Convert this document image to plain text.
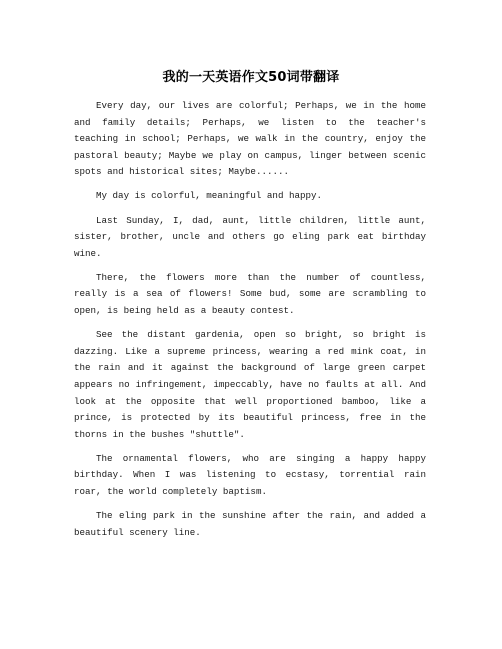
我的一天英语作文50词带翻译

Every day, our lives are colorful; Perhaps, we in the home and family details; Perhaps, we listen to the teacher's teaching in school; Perhaps, we walk in the country, enjoy the pastoral beauty; Maybe we play on campus, linger between scenic spots and historical sites; Maybe......

My day is colorful, meaningful and happy.

Last Sunday, I, dad, aunt, little children, little aunt, sister, brother, uncle and others go eling park eat birthday wine.

There, the flowers more than the number of countless, really is a sea of flowers! Some bud, some are scrambling to open, is being held as a beauty contest.

See the distant gardenia, open so bright, so bright is dazzing. Like a supreme princess, wearing a red mink coat, in the rain and it against the background of large green carpet appears no infringement, impeccably, have no faults at all. And look at the opposite that well proportioned bamboo, like a prince, is protected by its beautiful princess, free in the thorns in the bushes "shuttle".

The ornamental flowers, who are singing a happy happy birthday. When I was listening to ecstasy, torrential rain roar, the world completely baptism.

The eling park in the sunshine after the rain, and added a beautiful scenery line.
